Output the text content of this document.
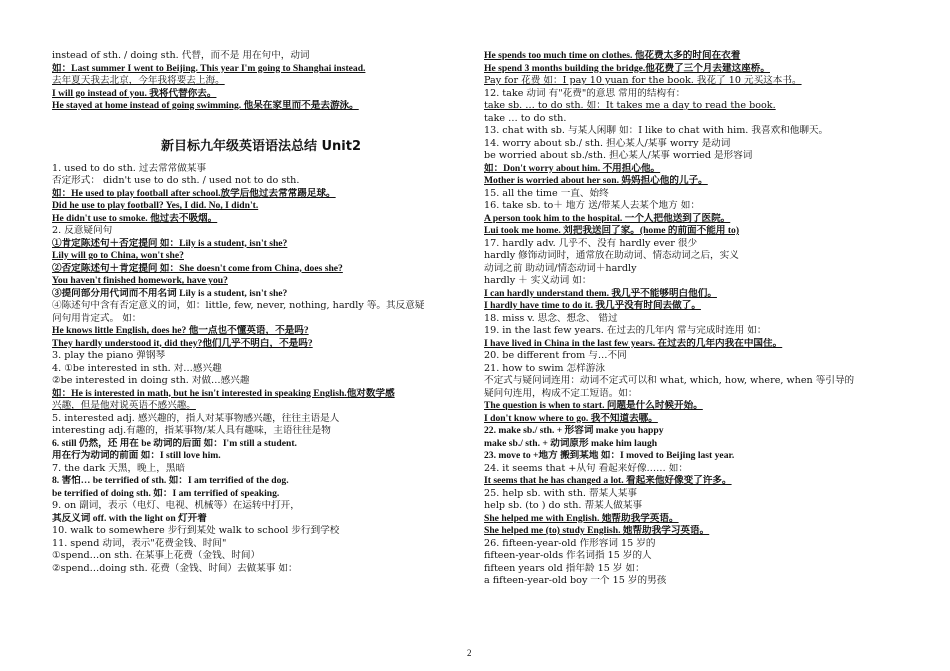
instead of sth. / doing sth. 代替，而不是 用在句中，动词
如：Last summer I went to Beijing. This year I'm going to Shanghai instead.
去年夏天我去北京，今年我将要去上海。
I will go instead of you. 我将代替你去。
He stayed at home instead of going swimming. 他呆在家里而不是去游泳。
新目标九年级英语语法总结 Unit2
1. used to do sth. 过去常常做某事
否定形式： didn't use to do sth. / used not to do sth.
如：He used to play football after school.放学后他过去常常踢足球。
Did he use to play football? Yes, I did. No, I didn't.
He didn't use to smoke. 他过去不吸烟。
2. 反意疑问句
①肯定陈述句＋否定提问 如：Lily is a student, isn't she?
Lily will go to China, won't she?
②否定陈述句＋肯定提问 如：She doesn't come from China, does she?
You haven't finished homework, have you?
③提问部分用代词而不用名词 Lily is a student, isn't she?
④陈述句中含有否定意义的词，如：little, few, never, nothing, hardly 等。其反意疑
问句用肯定式。 如：
He knows little English, does he? 他一点也不懂英语，不是吗?
They hardly understood it, did they?他们几乎不明白，不是吗?
3. play the piano 弹钢琴
4. ①be interested in sth. 对…感兴趣
②be interested in doing sth. 对做…感兴趣
如：He is interested in math, but he isn't interested in speaking English.他对数学感
兴趣，但是他对说英语不感兴趣。
5. interested adj. 感兴趣的，指人对某事物感兴趣，往往主语是人
interesting adj.有趣的，指某事物/某人具有趣味，主语往往是物
6. still 仍然，还 用在 be 动词的后面 如：I'm still a student.
用在行为动词的前面 如：I still love him.
7. the dark 天黑，晚上，黑暗
8. 害怕… be terrified of sth. 如：I am terrified of the dog.
be terrified of doing sth. 如：I am terrified of speaking.
9. on 副词，表示（电灯、电视、机械等）在运转中打开，
其反义词 off. with the light on 灯开着
10. walk to somewhere 步行到某处 walk to school 步行到学校
11. spend 动词，表示"花费金钱、时间"
①spend…on sth. 在某事上花费（金钱、时间）
②spend…doing sth. 花费（金钱、时间）去做某事 如：
He spends too much time on clothes. 他花费太多的时间在衣着
He spend 3 months building the bridge.他花费了三个月去建这座桥。
Pay for 花费 如：I pay 10 yuan for the book. 我花了 10 元买这本书。
12. take 动词 有"花费"的意思 常用的结构有：
take sb. … to do sth. 如：It takes me a day to read the book.
take … to do sth.
13. chat with sb. 与某人闲聊 如：I like to chat with him. 我喜欢和他聊天。
14. worry about sb./ sth. 担心某人/某事 worry 是动词
be worried about sb./sth. 担心某人/某事 worried 是形容词
如：Don't worry about him. 不用担心他。
Mother is worried about her son. 妈妈担心他的儿子。
15. all the time 一直、始终
16. take sb. to＋ 地方 送/带某人去某个地方 如：
A person took him to the hospital. 一个人把他送到了医院。
Lui took me home. 刘把我送回了家。(home 的前面不能用 to)
17. hardly adv. 几乎不、没有 hardly ever 很少
hardly 修饰动词时，通常放在助动词、情态动词之后，实义
动词之前 助动词/情态动词＋hardly
hardly ＋ 实义动词 如：
I can hardly understand them. 我几乎不能够明白他们。
I hardly have time to do it. 我几乎没有时间去做了。
18. miss v. 思念、想念、 错过
19. in the last few years. 在过去的几年内 常与完成时连用 如：
I have lived in China in the last few years. 在过去的几年内我在中国住。
20. be different from 与…不同
21. how to swim 怎样游泳
不定式与疑问词连用：动词不定式可以和 what, which, how, where, when 等引导的
疑问句连用，构成不定工短语。如：
The question is when to start. 问题是什么时候开始。
I don't know where to go. 我不知道去哪。
22. make sb./ sth. + 形容词 make you happy
make sb./ sth. + 动词原形 make him laugh
23. move to +地方 搬到某地 如：I moved to Beijing last year.
24. it seems that +从句 看起来好像…… 如：
It seems that he has changed a lot. 看起来他好像变了许多。
25. help sb. with sth. 帮某人某事
help sb. (to ) do sth. 帮某人做某事
She helped me with English. 她帮助我学英语。
She helped me (to) study English. 她帮助我学习英语。
26. fifteen-year-old 作形容词 15 岁的
fifteen-year-olds 作名词指 15 岁的人
fifteen years old 指年龄 15 岁 如：
a fifteen-year-old boy 一个 15 岁的男孩
2
